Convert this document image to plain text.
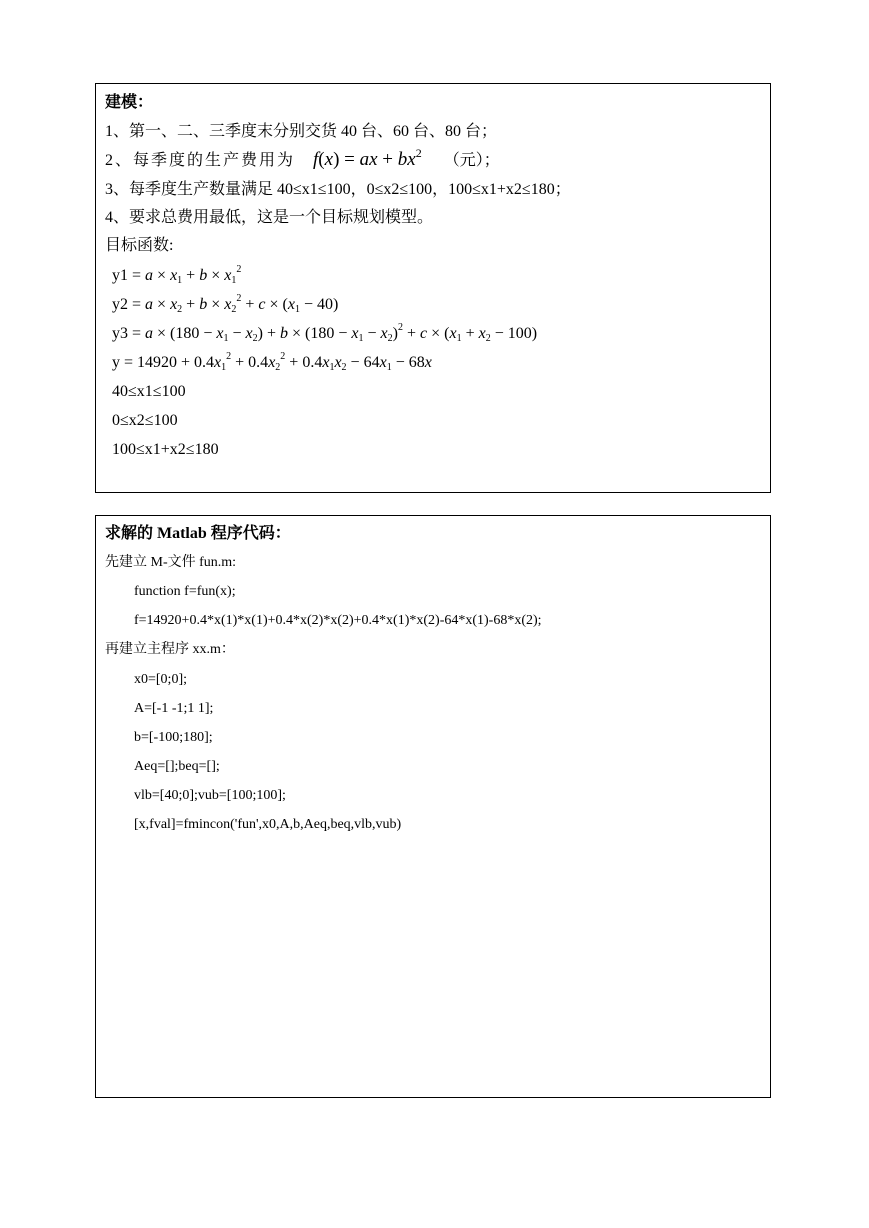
建模：
1、第一、二、三季度末分别交货 40 台、60 台、80 台；
2、每季度的生产费用为 f(x) = ax + $bx^2$ （元）；
3、每季度生产数量满足 40≤x1≤100，0≤x2≤100，100≤x1+x2≤180；
4、要求总费用最低，这是一个目标规划模型。
目标函数:
$y1 = a \times x_1 + b \times x_1^2$
$y2 = a \times x_2 + b \times x_2^2 + c \times (x_1 - 40)$
$y3 = a \times (180 - x_1 - x_2) + b \times (180 - x_1 - x_2)^2 + c \times (x_1 + x_2 - 100)$
$y = 14920 + 0.4x_1^2 + 0.4x_2^2 + 0.4x_1x_2 - 64x_1 - 68x$
40≤x1≤100
0≤x2≤100
100≤x1+x2≤180
求解的 Matlab 程序代码：
先建立 M-文件 fun.m:
function f=fun(x);
f=14920+0.4*x(1)*x(1)+0.4*x(2)*x(2)+0.4*x(1)*x(2)-64*x(1)-68*x(2);
再建立主程序 xx.m：
x0=[0;0];
A=[-1 -1;1 1];
b=[-100;180];
Aeq=[];beq=[];
vlb=[40;0];vub=[100;100];
[x,fval]=fmincon('fun',x0,A,b,Aeq,beq,vlb,vub)
